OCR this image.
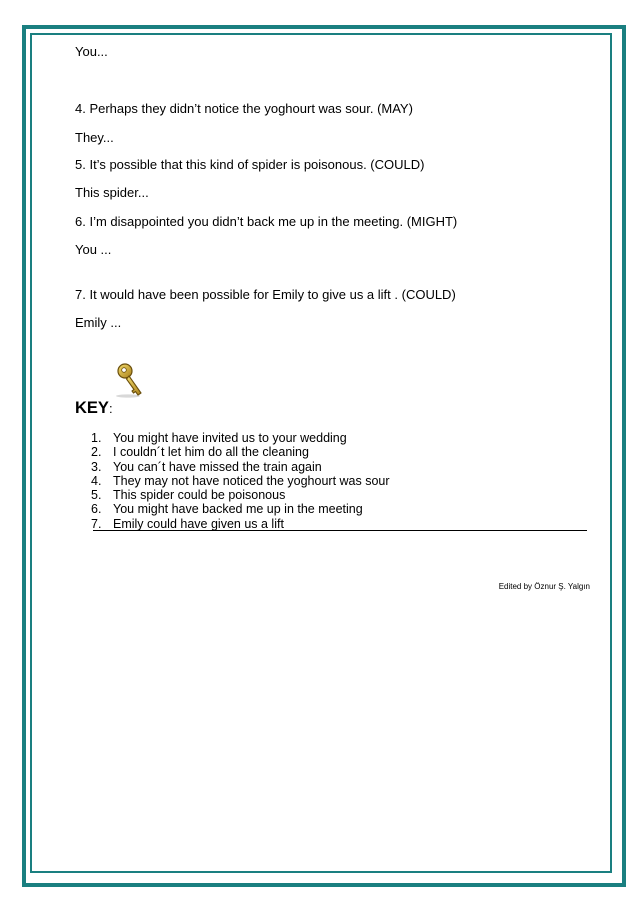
You...
4. Perhaps they didn’t notice the yoghourt was sour. (MAY)
They...
5. It’s possible that this kind of spider is poisonous. (COULD)
This spider...
6. I’m disappointed you didn’t back me up in the meeting. (MIGHT)
You ...
7. It would have been possible for Emily to give us a lift . (COULD)
Emily ...
KEY:
1. You might have invited us to your wedding
2. I couldn´t let him do all the cleaning
3. You can´t have missed the train again
4. They may not have noticed the yoghourt was sour
5. This spider could be poisonous
6. You might have backed me up in the meeting
7. Emily could have given us a lift
Edited by Öznur Ş. Yalgın
